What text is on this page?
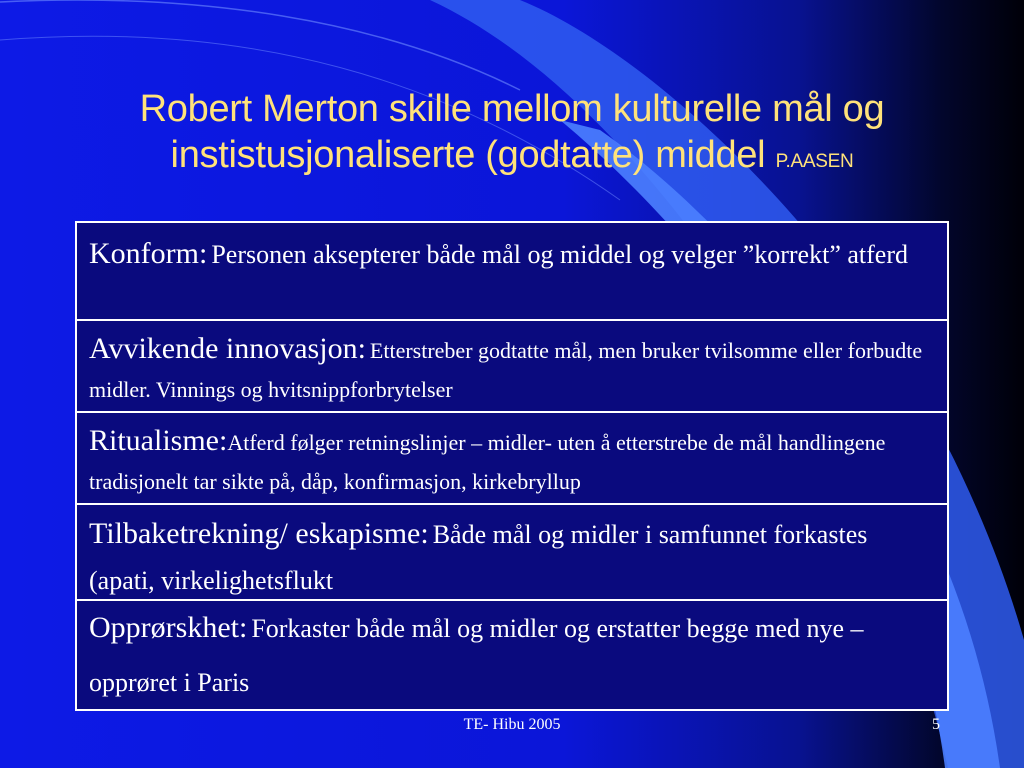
Robert Merton skille mellom kulturelle mål og
instistusjonaliserte (godtatte) middel P.AASEN
Konform: Personen aksepterer både mål og middel og velger ”korrekt” atferd
Avvikende innovasjon: Etterstreber godtatte mål, men bruker tvilsomme eller forbudte midler. Vinnings og hvitsnippforbrytelser
Ritualisme:Atferd følger retningslinjer – midler- uten å etterstrebe de mål handlingene tradisjonelt tar sikte på, dåp, konfirmasjon, kirkebryllup
Tilbaketrekning/ eskapisme: Både mål og midler i samfunnet forkastes (apati, virkelighetsflukt
Opprørskhet: Forkaster både mål og midler og erstatter begge med nye – opprøret i Paris
TE- Hibu 2005	5
